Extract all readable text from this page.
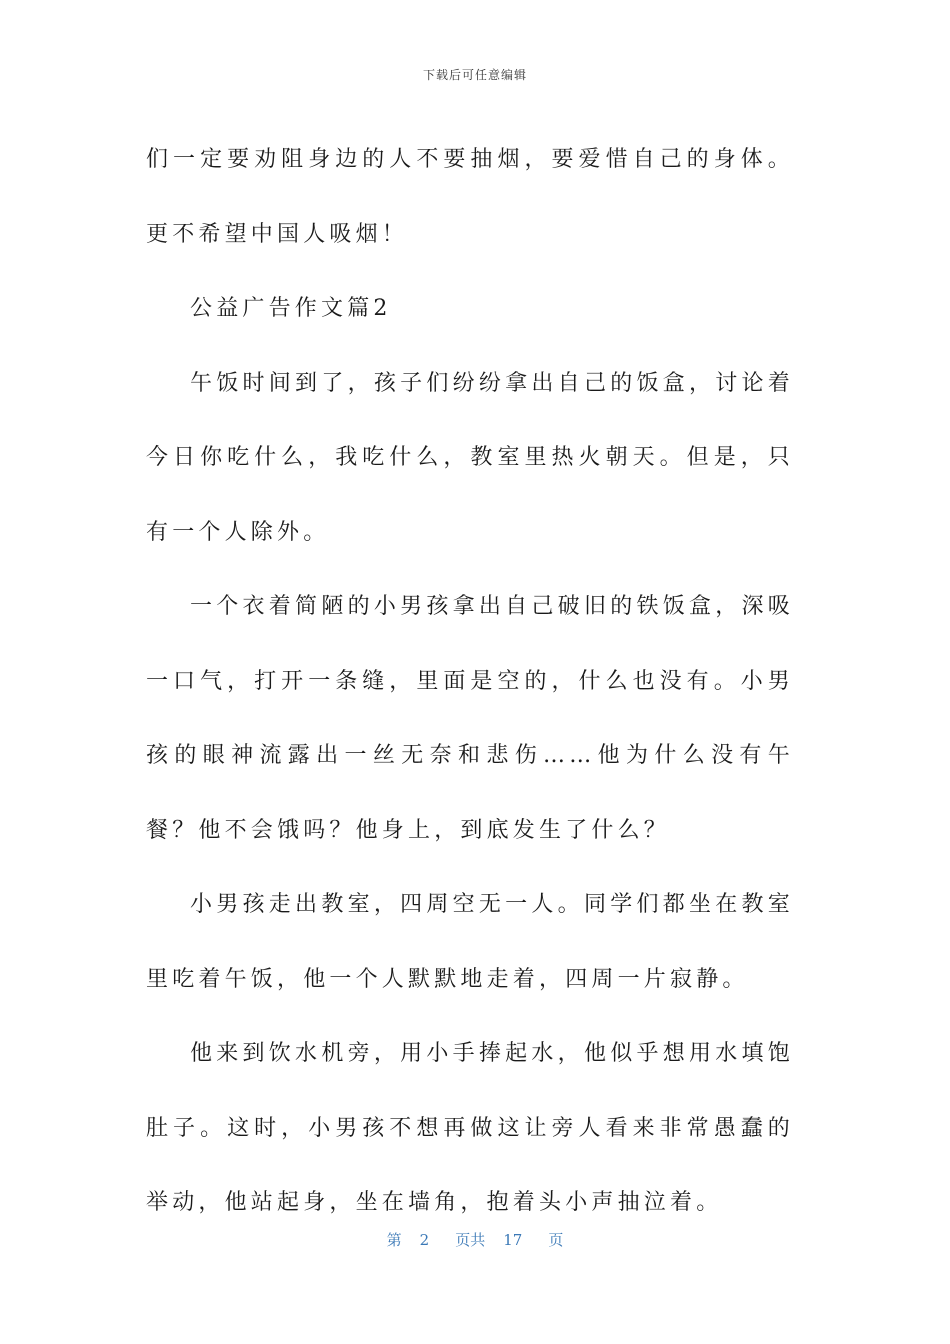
下载后可任意编辑

们一定要劝阻身边的人不要抽烟，要爱惜自己的身体。更不希望中国人吸烟！

公益广告作文篇2

午饭时间到了，孩子们纷纷拿出自己的饭盒，讨论着今日你吃什么，我吃什么，教室里热火朝天。但是，只有一个人除外。

一个衣着简陋的小男孩拿出自己破旧的铁饭盒，深吸一口气，打开一条缝，里面是空的，什么也没有。小男孩的眼神流露出一丝无奈和悲伤……他为什么没有午餐？他不会饿吗？他身上，到底发生了什么？

小男孩走出教室，四周空无一人。同学们都坐在教室里吃着午饭，他一个人默默地走着，四周一片寂静。

他来到饮水机旁，用小手捧起水，他似乎想用水填饱肚子。这时，小男孩不想再做这让旁人看来非常愚蠢的举动，他站起身，坐在墙角，抱着头小声抽泣着。

第 2 页共 17 页
